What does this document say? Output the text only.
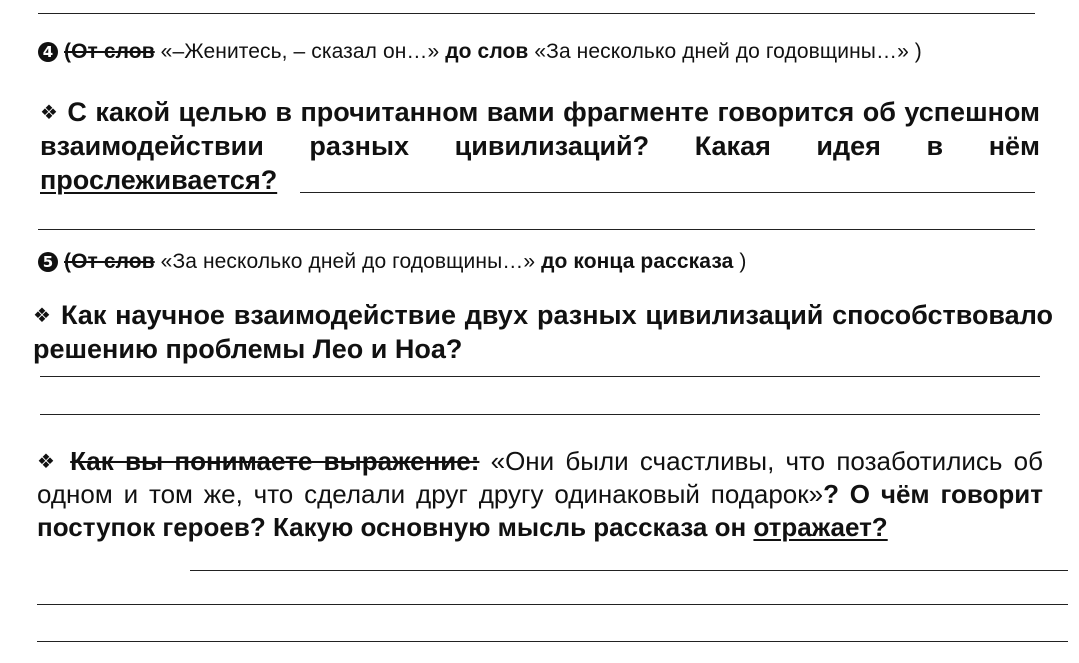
4 (От слов «–Женитесь, – сказал он…» до слов «За несколько дней до годовщины…» )
❖ С какой целью в прочитанном вами фрагменте говорится об успешном взаимодействии разных цивилизаций? Какая идея в нём прослеживается?
5 (От слов «За несколько дней до годовщины…» до конца рассказа )
❖ Как научное взаимодействие двух разных цивилизаций способствовало решению проблемы Лео и Ноа?
❖ Как вы понимаете выражение: «Они были счастливы, что позаботились об одном и том же, что сделали друг другу одинаковый подарок»? О чём говорит поступок героев? Какую основную мысль рассказа он отражает?
